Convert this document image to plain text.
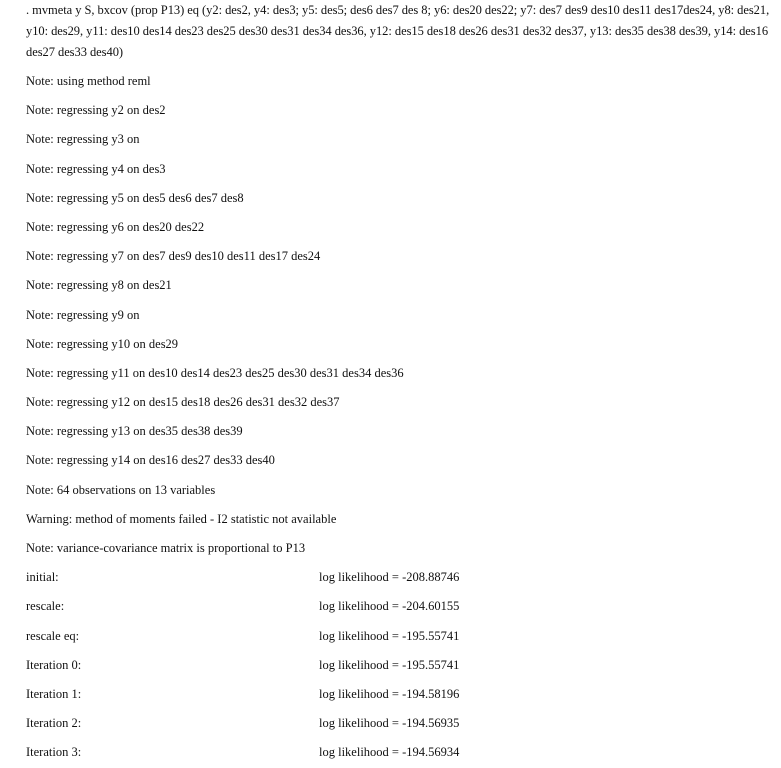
. mvmeta y S, bxcov (prop P13) eq (y2: des2, y4: des3; y5: des5; des6 des7 des 8; y6: des20 des22; y7: des7 des9 des10 des11 des17des24, y8: des21, y10: des29, y11: des10 des14 des23 des25 des30 des31 des34 des36, y12: des15 des18 des26 des31 des32 des37, y13: des35 des38 des39, y14: des16 des27 des33 des40)
Note: using method reml
Note: regressing y2 on des2
Note: regressing y3 on
Note: regressing y4 on des3
Note: regressing y5 on des5 des6 des7 des8
Note: regressing y6 on des20 des22
Note: regressing y7 on des7 des9 des10 des11 des17 des24
Note: regressing y8 on des21
Note: regressing y9 on
Note: regressing y10 on des29
Note: regressing y11 on des10 des14 des23 des25 des30 des31 des34 des36
Note: regressing y12 on des15 des18 des26 des31 des32 des37
Note: regressing y13 on des35 des38 des39
Note: regressing y14 on des16 des27 des33 des40
Note: 64 observations on 13 variables
Warning: method of moments failed - I2 statistic not available
Note: variance-covariance matrix is proportional to P13
initial:	log likelihood = -208.88746
rescale:	log likelihood = -204.60155
rescale eq:	log likelihood = -195.55741
Iteration 0:	log likelihood = -195.55741
Iteration 1:	log likelihood = -194.58196
Iteration 2:	log likelihood = -194.56935
Iteration 3:	log likelihood = -194.56934
